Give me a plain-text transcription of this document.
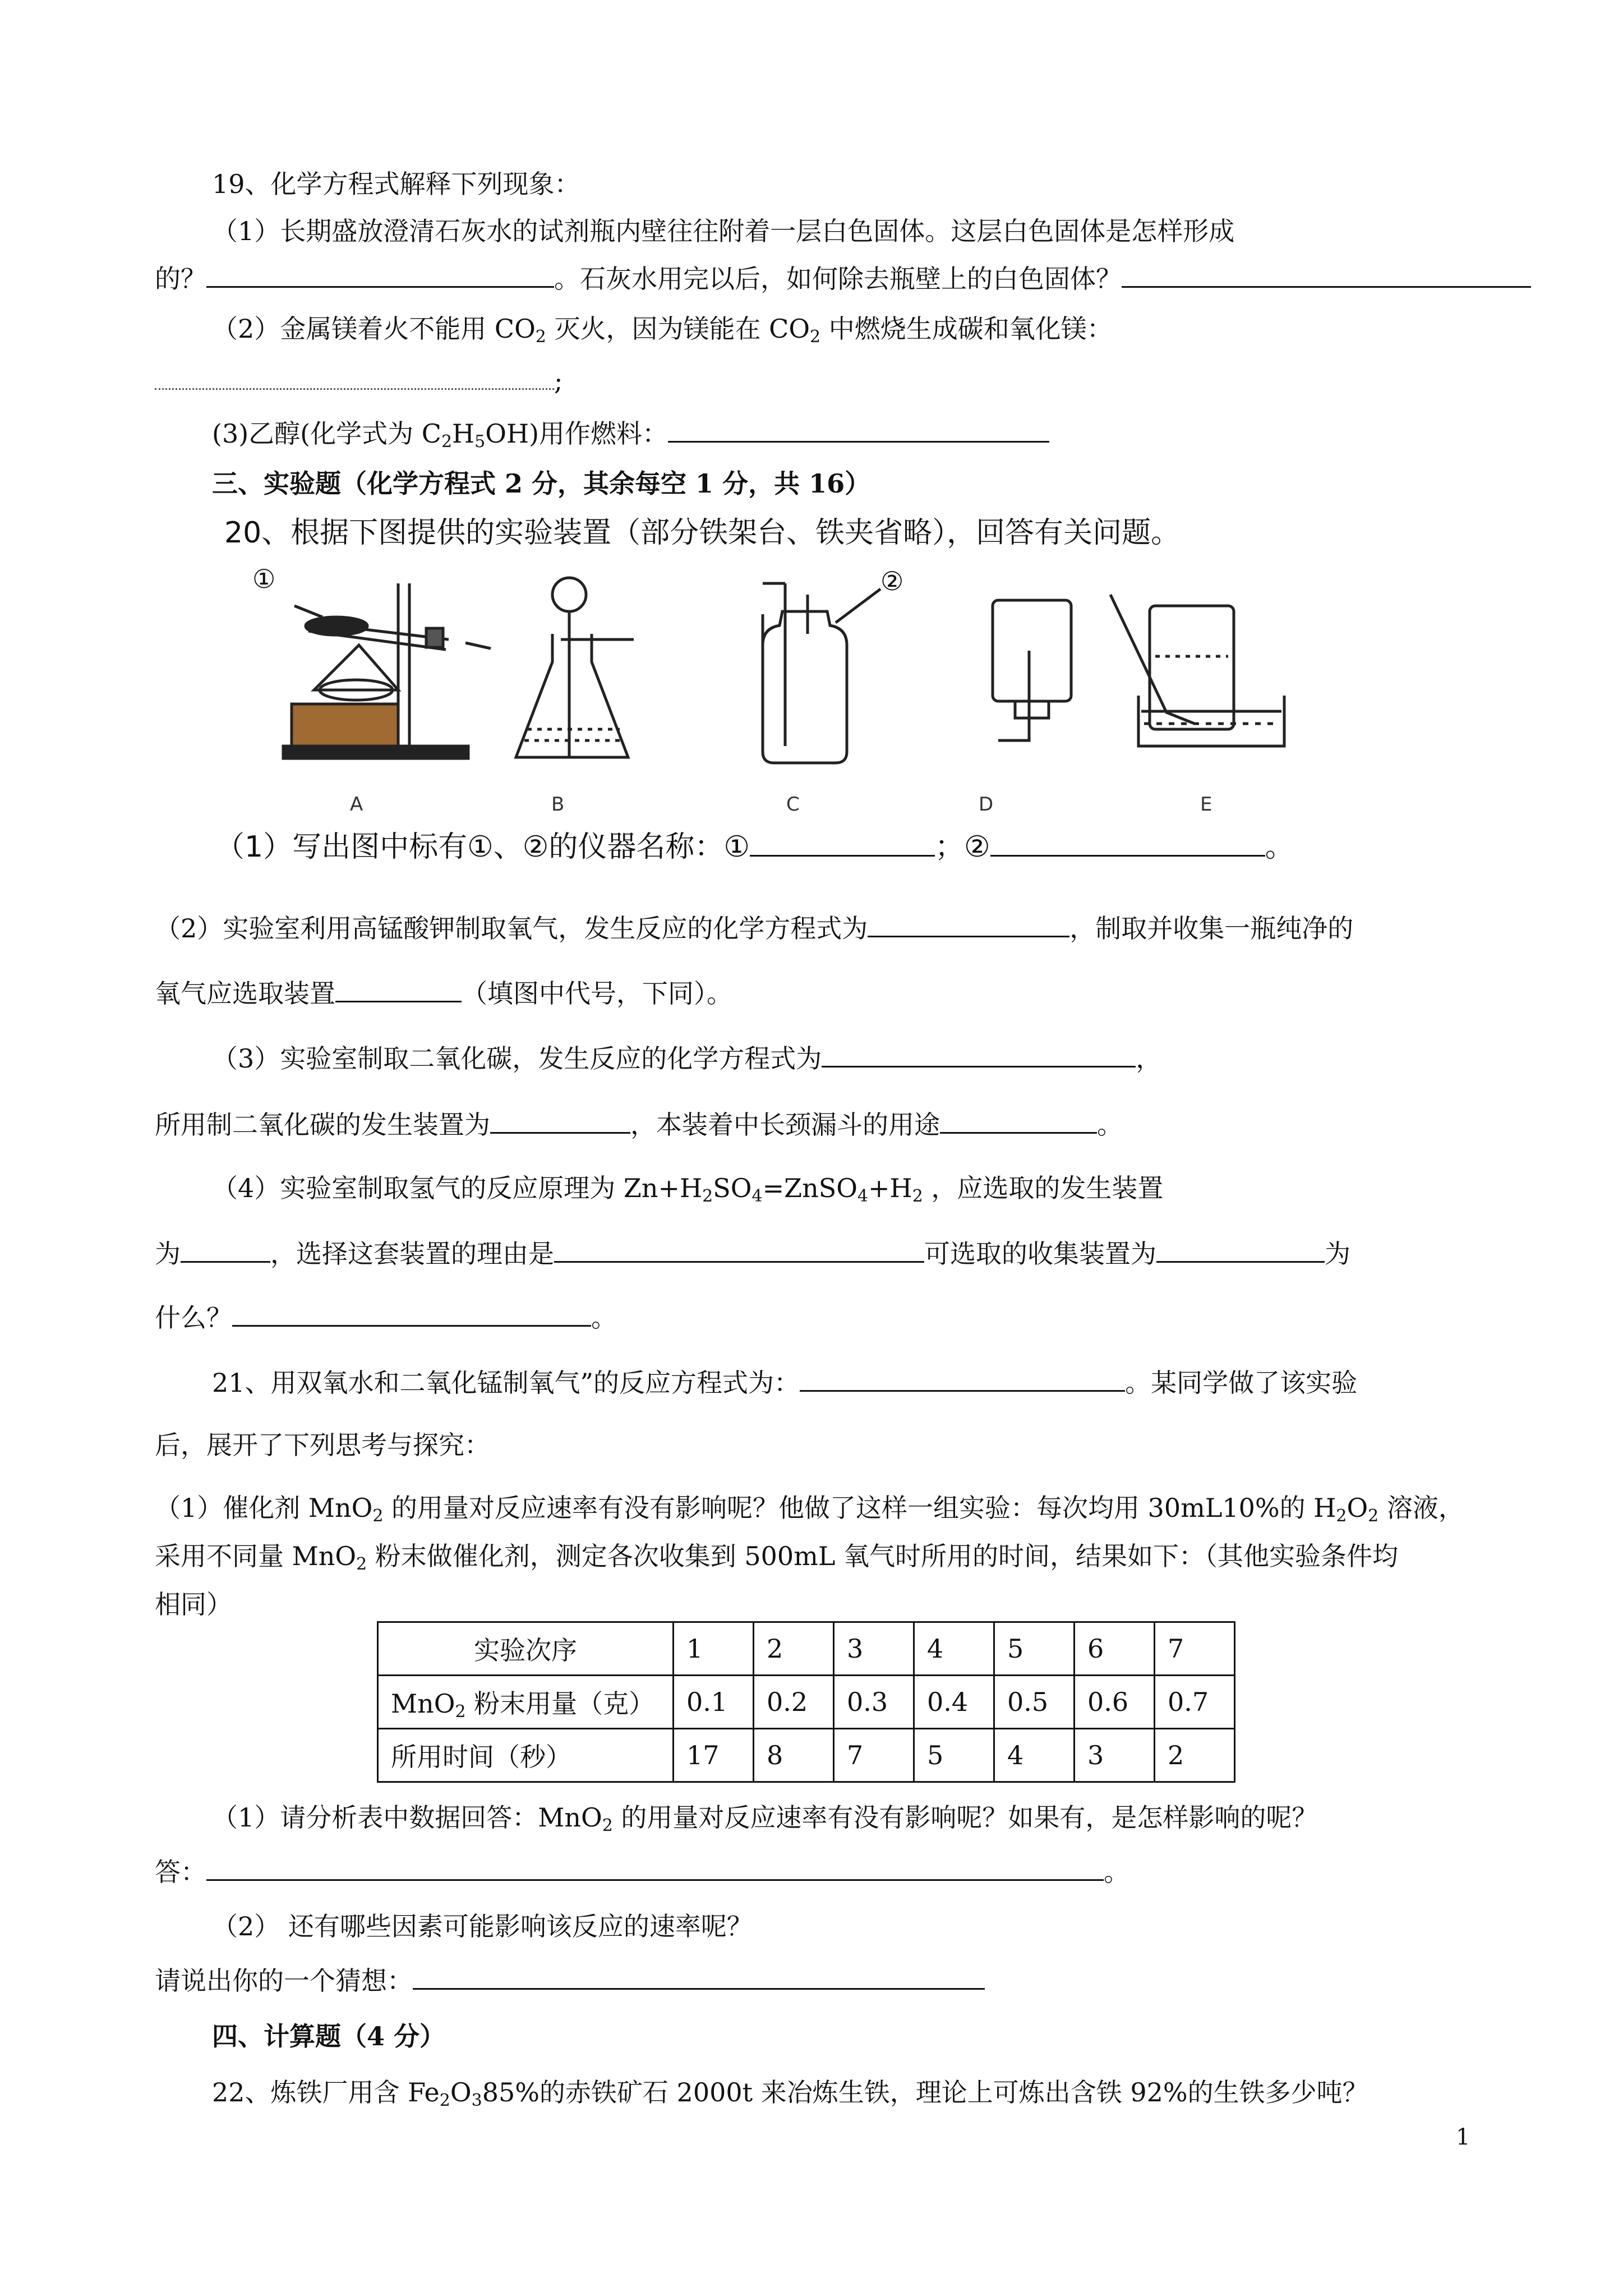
19、化学方程式解释下列现象：
（1）长期盛放澄清石灰水的试剂瓶内壁往往附着一层白色固体。这层白色固体是怎样形成
的？	。石灰水用完以后，如何除去瓶壁上的白色固体？
（2）金属镁着火不能用 $CO_2$ 灭火，因为镁能在 $CO_2$ 中燃烧生成碳和氧化镁：
;
(3)乙醇(化学式为 $C_2H_5OH$)用作燃料：
三、实验题（化学方程式 2 分，其余每空 1 分，共 16）
20、根据下图提供的实验装置（部分铁架台、铁夹省略），回答有关问题。
①	②
A	B	C	D	E
（1）写出图中标有①、②的仪器名称：①	；②	。
（2）实验室利用高锰酸钾制取氧气，发生反应的化学方程式为	，制取并收集一瓶纯净的
氧气应选取装置	（填图中代号，下同）。
（3）实验室制取二氧化碳，发生反应的化学方程式为	，
所用制二氧化碳的发生装置为	，本装着中长颈漏斗的用途	。
（4）实验室制取氢气的反应原理为 $Zn+H_2SO_4=ZnSO_4+H_2$ ，应选取的发生装置
为	，选择这套装置的理由是	可选取的收集装置为	为
什么？	。
21、用双氧水和二氧化锰制氧气”的反应方程式为：	。某同学做了该实验
后，展开了下列思考与探究：
（1）催化剂 MnO$_2$ 的用量对反应速率有没有影响呢？他做了这样一组实验：每次均用 30mL10%的 $H_2O_2$ 溶液，
采用不同量 MnO$_2$ 粉末做催化剂，测定各次收集到 500mL 氧气时所用的时间，结果如下：（其他实验条件均
相同）
实验次序	1	2	3	4	5	6	7
MnO$_2$ 粉末用量（克）	0.1	0.2	0.3	0.4	0.5	0.6	0.7
所用时间（秒）	17	8	7	5	4	3	2
（1）请分析表中数据回答：MnO$_2$ 的用量对反应速率有没有影响呢？如果有，是怎样影响的呢？
答：	。
（2） 还有哪些因素可能影响该反应的速率呢？
请说出你的一个猜想：
四、计算题（4 分）
22、炼铁厂用含 $Fe_2O_385\%$的赤铁矿石 2000t 来冶炼生铁，理论上可炼出含铁 92%的生铁多少吨？
1
